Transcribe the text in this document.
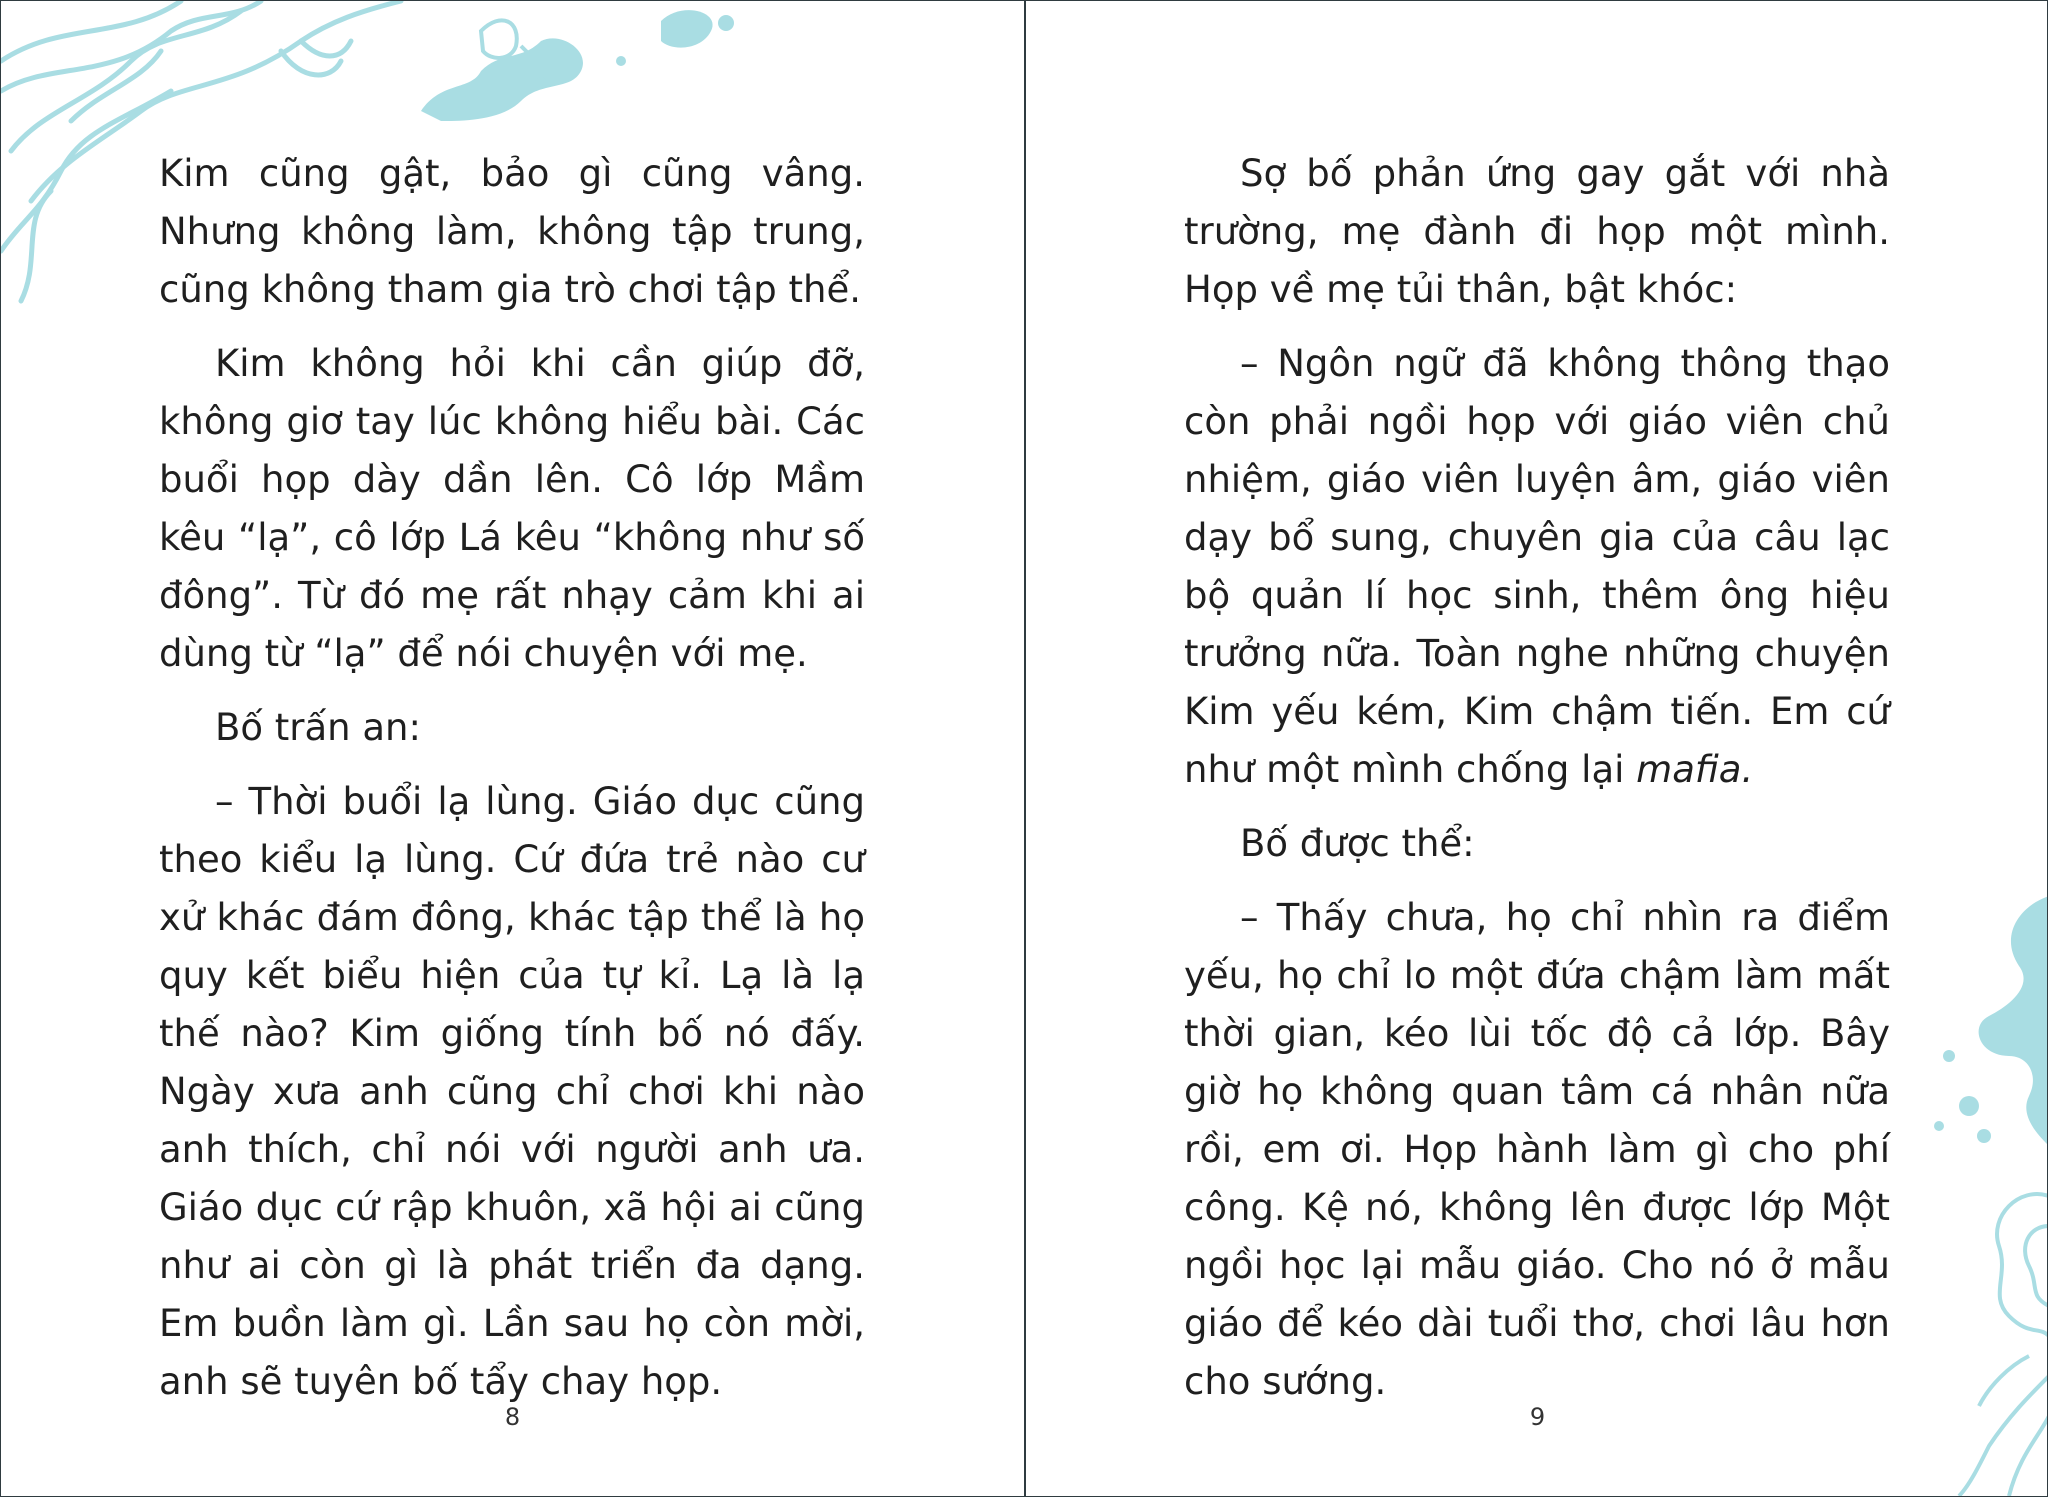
Kim cũng gật, bảo gì cũng vâng. Nhưng không làm, không tập trung, cũng không tham gia trò chơi tập thể.

Kim không hỏi khi cần giúp đỡ, không giơ tay lúc không hiểu bài. Các buổi họp dày dần lên. Cô lớp Mầm kêu “lạ”, cô lớp Lá kêu “không như số đông”. Từ đó mẹ rất nhạy cảm khi ai dùng từ “lạ” để nói chuyện với mẹ.

Bố trấn an:

– Thời buổi lạ lùng. Giáo dục cũng theo kiểu lạ lùng. Cứ đứa trẻ nào cư xử khác đám đông, khác tập thể là họ quy kết biểu hiện của tự kỉ. Lạ là lạ thế nào? Kim giống tính bố nó đấy. Ngày xưa anh cũng chỉ chơi khi nào anh thích, chỉ nói với người anh ưa. Giáo dục cứ rập khuôn, xã hội ai cũng như ai còn gì là phát triển đa dạng. Em buồn làm gì. Lần sau họ còn mời, anh sẽ tuyên bố tẩy chay họp.

8

Sợ bố phản ứng gay gắt với nhà trường, mẹ đành đi họp một mình. Họp về mẹ tủi thân, bật khóc:

– Ngôn ngữ đã không thông thạo còn phải ngồi họp với giáo viên chủ nhiệm, giáo viên luyện âm, giáo viên dạy bổ sung, chuyên gia của câu lạc bộ quản lí học sinh, thêm ông hiệu trưởng nữa. Toàn nghe những chuyện Kim yếu kém, Kim chậm tiến. Em cứ như một mình chống lại mafia.

Bố được thể:

– Thấy chưa, họ chỉ nhìn ra điểm yếu, họ chỉ lo một đứa chậm làm mất thời gian, kéo lùi tốc độ cả lớp. Bây giờ họ không quan tâm cá nhân nữa rồi, em ơi. Họp hành làm gì cho phí công. Kệ nó, không lên được lớp Một ngồi học lại mẫu giáo. Cho nó ở mẫu giáo để kéo dài tuổi thơ, chơi lâu hơn cho sướng.

9
